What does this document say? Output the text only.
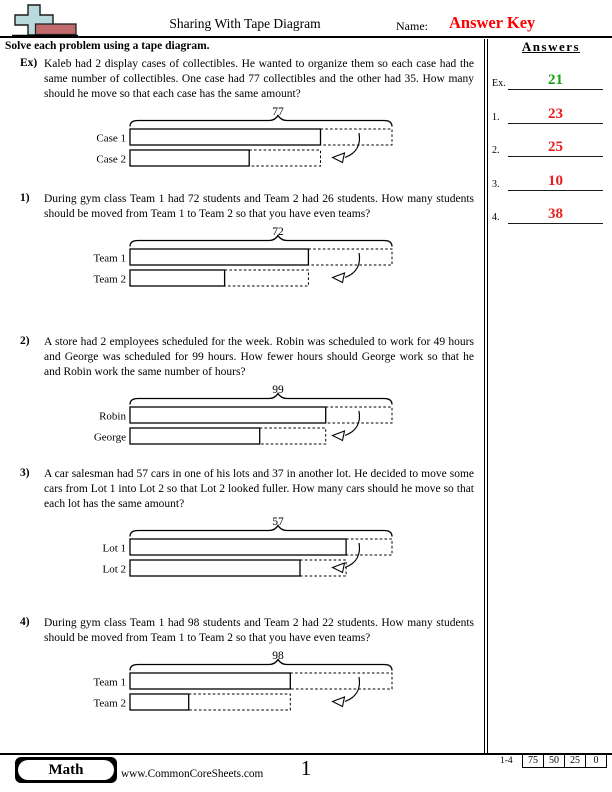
Sharing With Tape Diagram	Name: Answer Key
Solve each problem using a tape diagram.	Answers
Ex.	21
1.	23
2.	25
3.	10
4.	38
Ex) Kaleb had 2 display cases of collectibles. He wanted to organize them so each case had the same number of collectibles. One case had 77 collectibles and the other had 35. How many should he move so that each case has the same amount?
77
Case 1
Case 2
1) During gym class Team 1 had 72 students and Team 2 had 26 students. How many students should be moved from Team 1 to Team 2 so that you have even teams?
72
Team 1
Team 2
2) A store had 2 employees scheduled for the week. Robin was scheduled to work for 49 hours and George was scheduled for 99 hours. How fewer hours should George work so that he and Robin work the same number of hours?
99
Robin
George
3) A car salesman had 57 cars in one of his lots and 37 in another lot. He decided to move some cars from Lot 1 into Lot 2 so that Lot 2 looked fuller. How many cars should he move so that each lot has the same amount?
57
Lot 1
Lot 2
4) During gym class Team 1 had 98 students and Team 2 had 22 students. How many students should be moved from Team 1 to Team 2 so that you have even teams?
98
Team 1
Team 2
Math	www.CommonCoreSheets.com	1	1-4	75	50	25	0
